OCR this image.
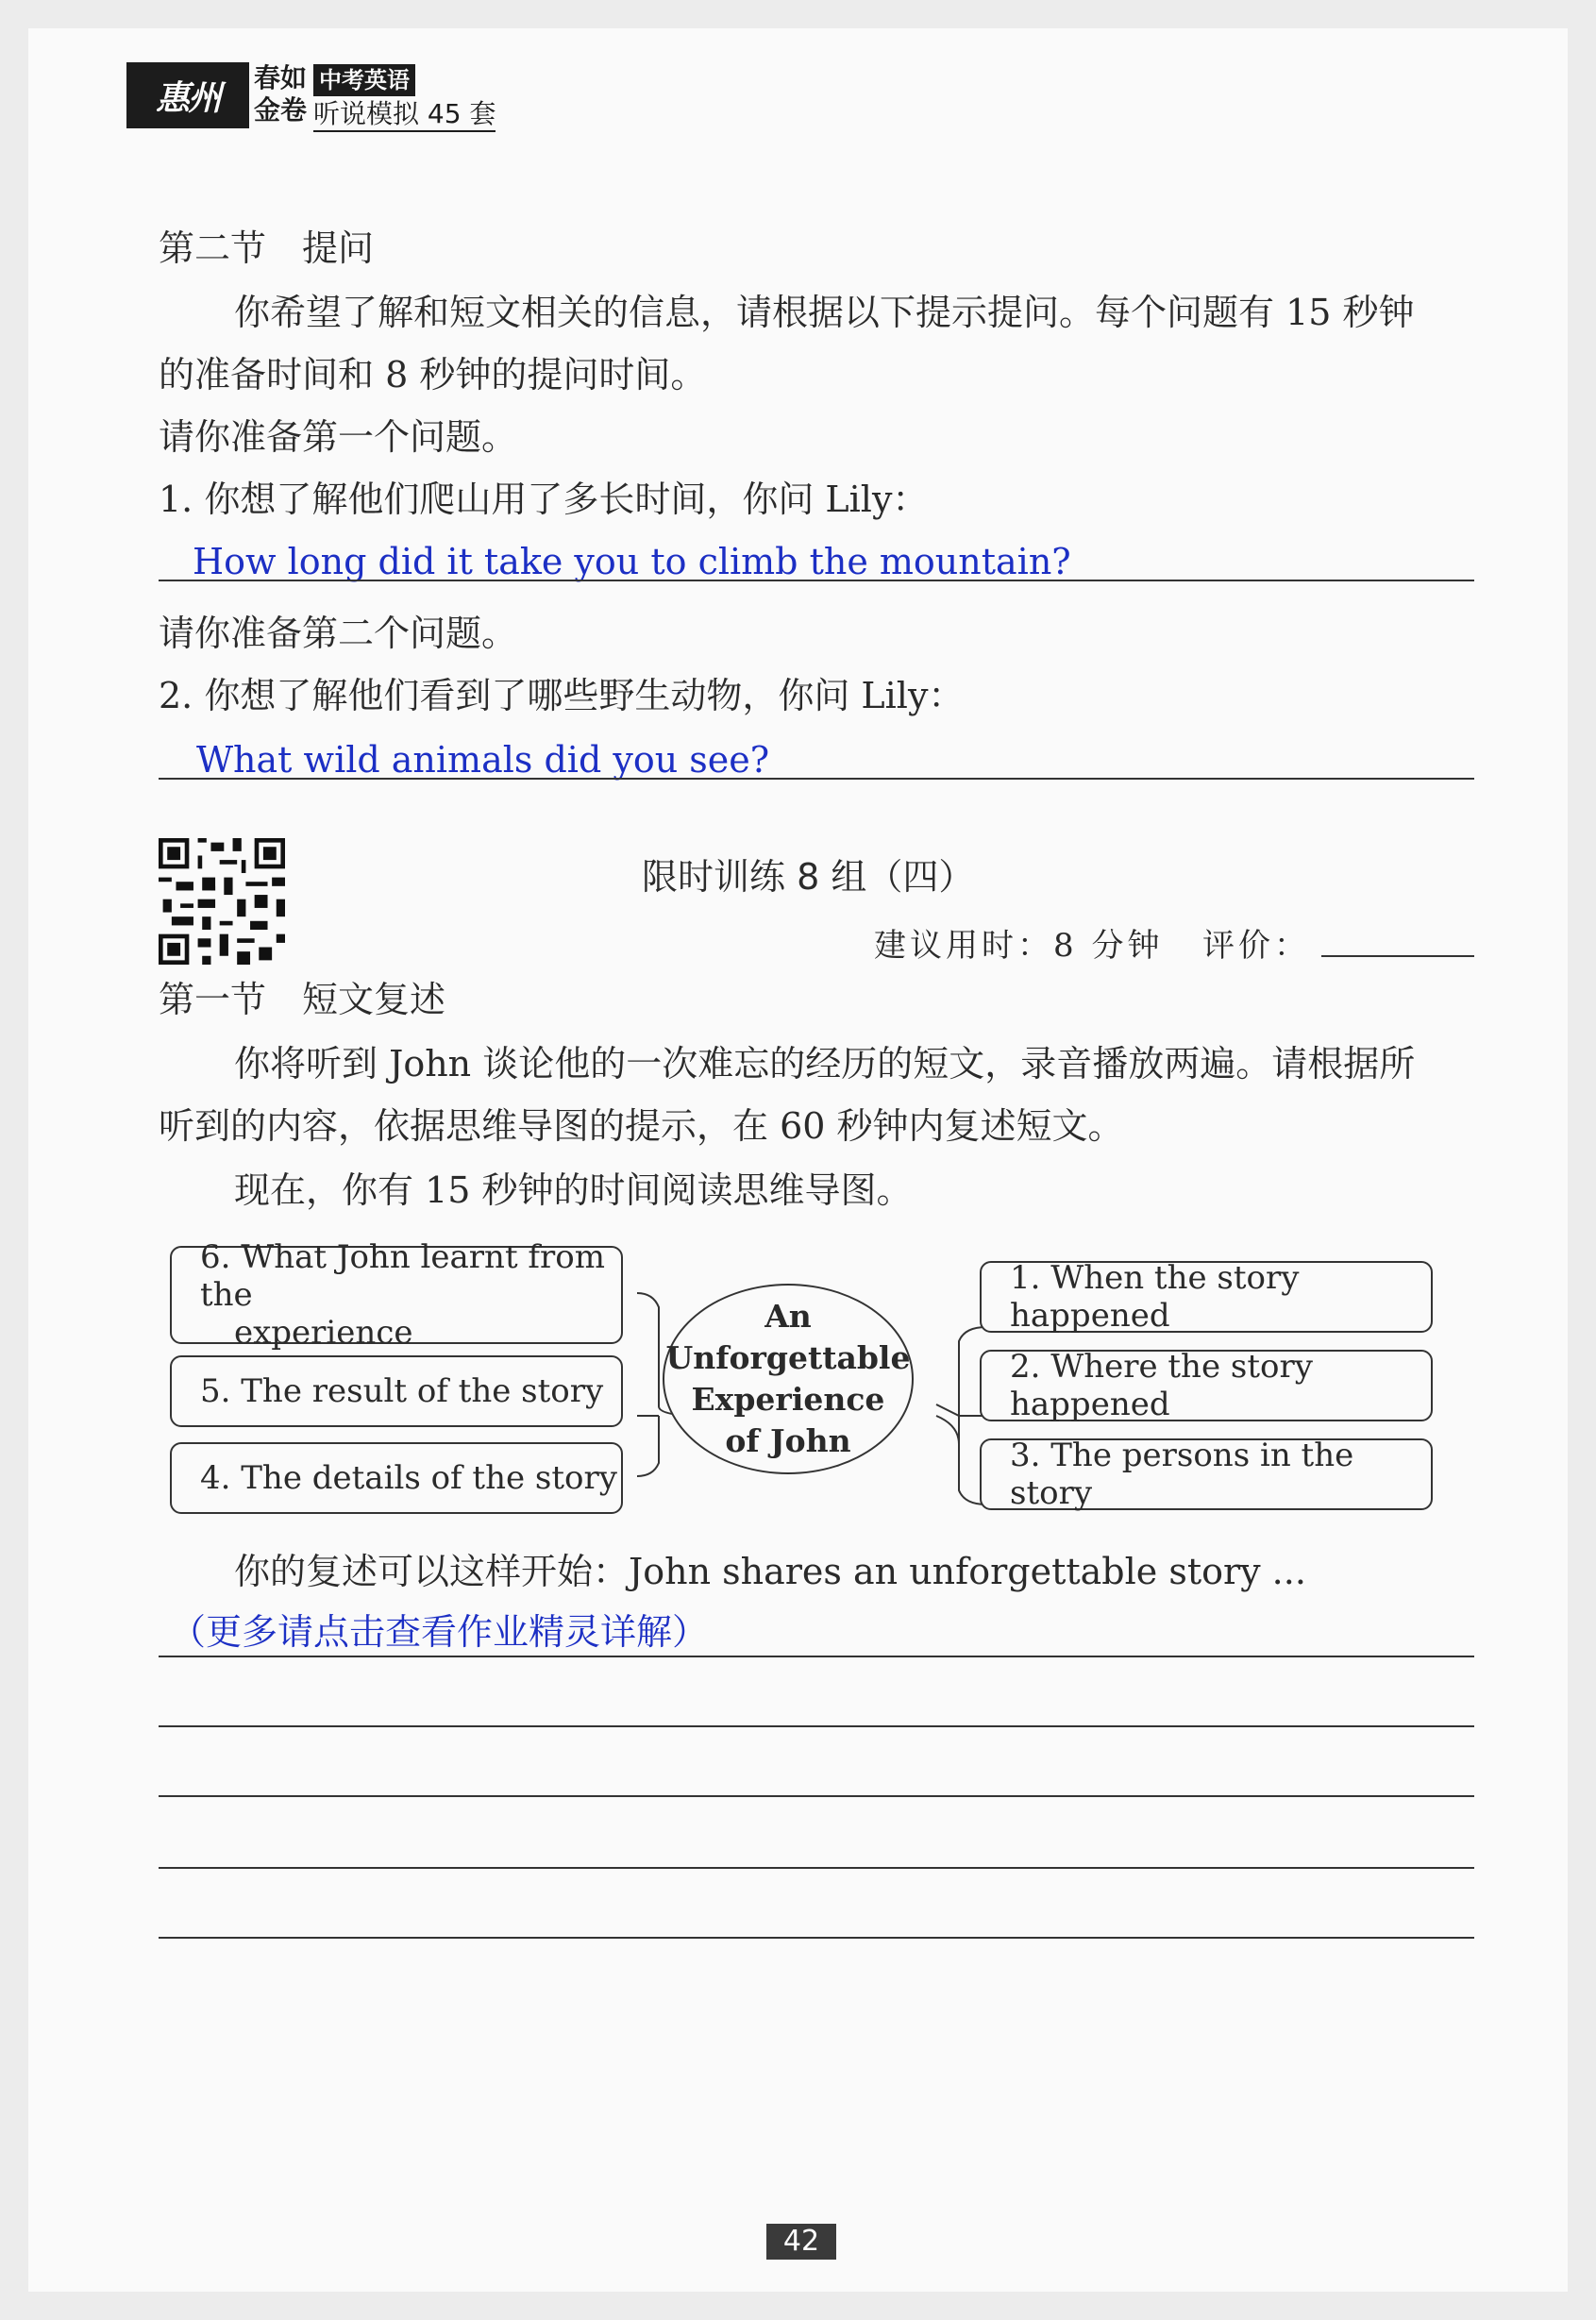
惠州 春如金卷
中考英语
听说模拟 45 套
第二节　提问
你希望了解和短文相关的信息，请根据以下提示提问。每个问题有 15 秒钟
的准备时间和 8 秒钟的提问时间。
请你准备第一个问题。
1. 你想了解他们爬山用了多长时间，你问 Lily：
How long did it take you to climb the mountain?
请你准备第二个问题。
2. 你想了解他们看到了哪些野生动物，你问 Lily：
What wild animals did you see?
限时训练 8 组（四）
建议用时：8 分钟 评价：
第一节　短文复述
你将听到 John 谈论他的一次难忘的经历的短文，录音播放两遍。请根据所
听到的内容，依据思维导图的提示，在 60 秒钟内复述短文。
现在，你有 15 秒钟的时间阅读思维导图。
6. What John learnt from the
experience
5. The result of the story
4. The details of the story
An
Unforgettable
Experience
of John
1. When the story happened
2. Where the story happened
3. The persons in the story
你的复述可以这样开始：John shares an unforgettable story ...
（更多请点击查看作业精灵详解）
42
